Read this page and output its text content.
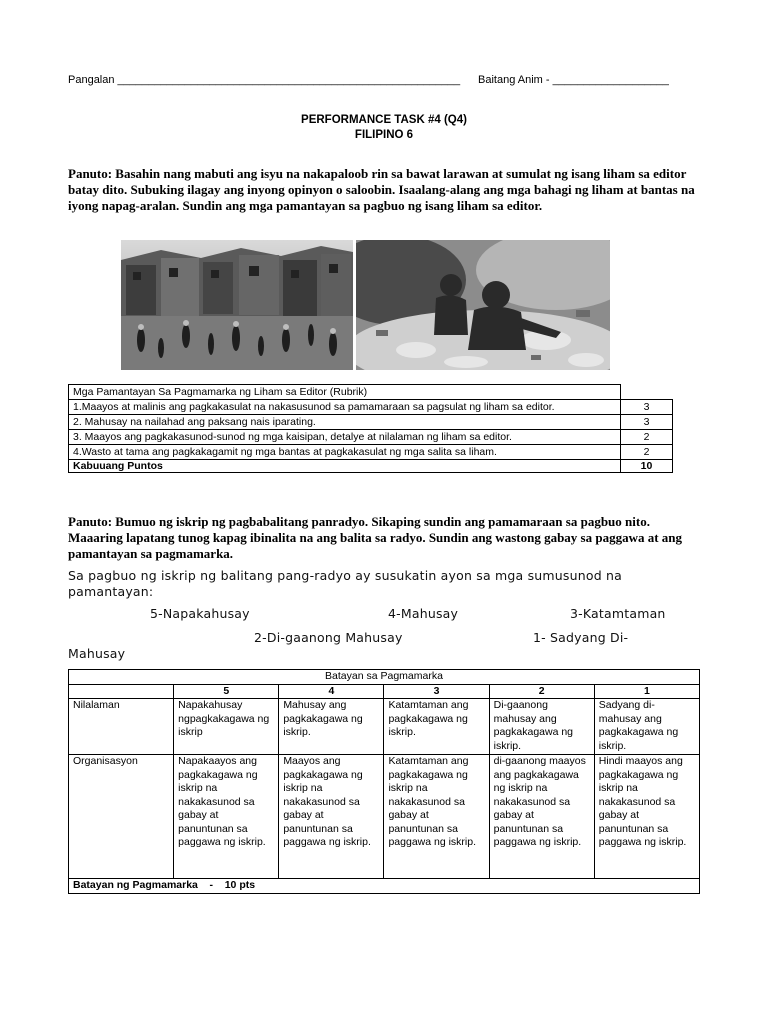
Pangalan ________________________________________________________ Baitang Anim - ___________________
PERFORMANCE TASK #4 (Q4)
FILIPINO 6

Panuto: Basahin nang mabuti ang isyu na nakapaloob rin sa bawat larawan at sumulat ng isang liham sa editor batay dito. Subuking ilagay ang inyong opinyon o saloobin. Isaalang-alang ang mga bahagi ng liham at bantas na iyong napag-aralan. Sundin ang mga pamantayan sa pagbuo ng isang liham sa editor.

Mga Pamantayan Sa Pagmamarka ng Liham sa Editor (Rubrik)	
1.Maayos at malinis ang pagkakasulat na nakasusunod sa pamamaraan sa pagsulat ng liham sa editor.	3
2. Mahusay na nailahad ang paksang nais iparating.	3
3. Maayos ang pagkakasunod-sunod ng mga kaisipan, detalye at nilalaman ng liham sa editor.	2
4.Wasto at tama ang pagkakagamit ng mga bantas at pagkakasulat ng mga salita sa liham.	2
Kabuuang Puntos	10

Panuto: Bumuo ng iskrip ng pagbabalitang panradyo. Sikaping sundin ang pamamaraan sa pagbuo nito. Maaaring lapatang tunog kapag ibinalita na ang balita sa radyo. Sundin ang wastong gabay sa paggawa at ang pamantayan sa pagmamarka.

Sa pagbuo ng iskrip ng balitang pang-radyo ay susukatin ayon sa mga sumusunod na pamantayan:
5-Napakahusay	4-Mahusay	3-Katamtaman
2-Di-gaanong Mahusay	1- Sadyang Di-
Mahusay
Batayan sa Pagmamarka					
	5	4	3	2	1
Nilalaman	Napakahusay ngpagkakagawa ng iskrip	Mahusay ang pagkakagawa ng iskrip.	Katamtaman ang pagkakagawa ng iskrip.	Di-gaanong mahusay ang pagkakagawa ng iskrip.	Sadyang di-mahusay ang pagkakagawa ng iskrip.
Organisasyon	Napakaayos ang pagkakagawa ng iskrip na nakakasunod sa gabay at panuntunan sa paggawa ng iskrip.	Maayos ang pagkakagawa ng iskrip na nakakasunod sa gabay at panuntunan sa paggawa ng iskrip.	Katamtaman ang pagkakagawa ng iskrip na nakakasunod sa gabay at panuntunan sa paggawa ng iskrip.	di-gaanong maayos ang pagkakagawa ng iskrip na nakakasunod sa gabay at panuntunan sa paggawa ng iskrip.	Hindi maayos ang pagkakagawa ng iskrip na nakakasunod sa gabay at panuntunan sa paggawa ng iskrip.
Batayan ng Pagmamarka    -    10 pts					
